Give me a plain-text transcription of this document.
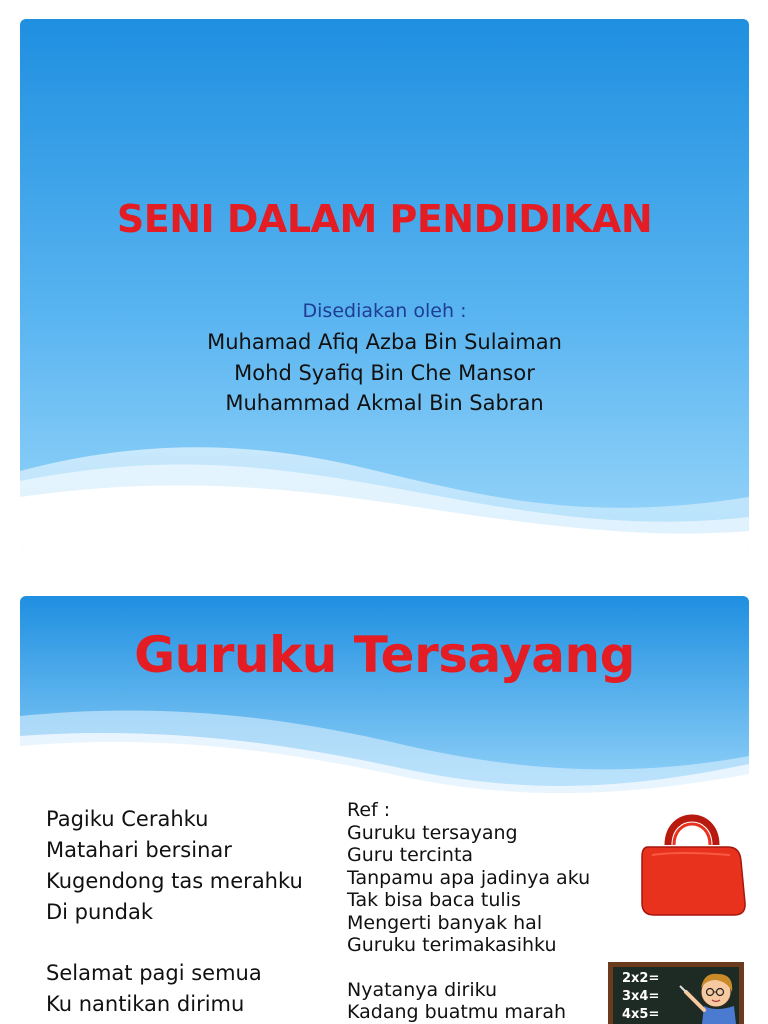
SENI DALAM PENDIDIKAN

Disediakan oleh :

Muhamad Afiq Azba Bin Sulaiman
Mohd Syafiq Bin Che Mansor
Muhammad Akmal Bin Sabran
Guruku Tersayang
Pagiku Cerahku
Matahari bersinar
Kugendong tas merahku
Di pundak
Selamat pagi semua
Ku nantikan dirimu
Ref :
Guruku tersayang
Guru tercinta
Tanpamu apa jadinya aku
Tak bisa baca tulis
Mengerti banyak hal
Guruku terimakasihku
Nyatanya diriku
Kadang buatmu marah
2x2=
3x4=
4x5=
